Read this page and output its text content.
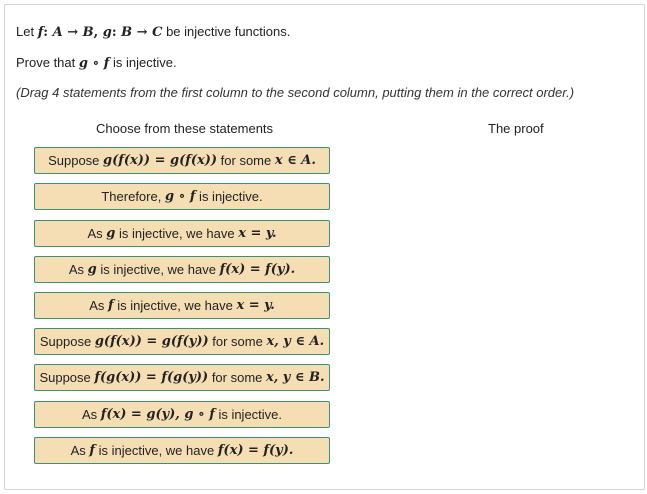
Let f: A → B, g: B → C be injective functions.
Prove that g ∘ f is injective.
(Drag 4 statements from the first column to the second column, putting them in the correct order.)
Choose from these statements	The proof
Suppose g(f(x)) = g(f(x)) for some x ∈ A.
Therefore, g ∘ f is injective.
As g is injective, we have x = y.
As g is injective, we have f(x) = f(y).
As f is injective, we have x = y.
Suppose g(f(x)) = g(f(y)) for some x, y ∈ A.
Suppose f(g(x)) = f(g(y)) for some x, y ∈ B.
As f(x) = g(y), g ∘ f is injective.
As f is injective, we have f(x) = f(y).
